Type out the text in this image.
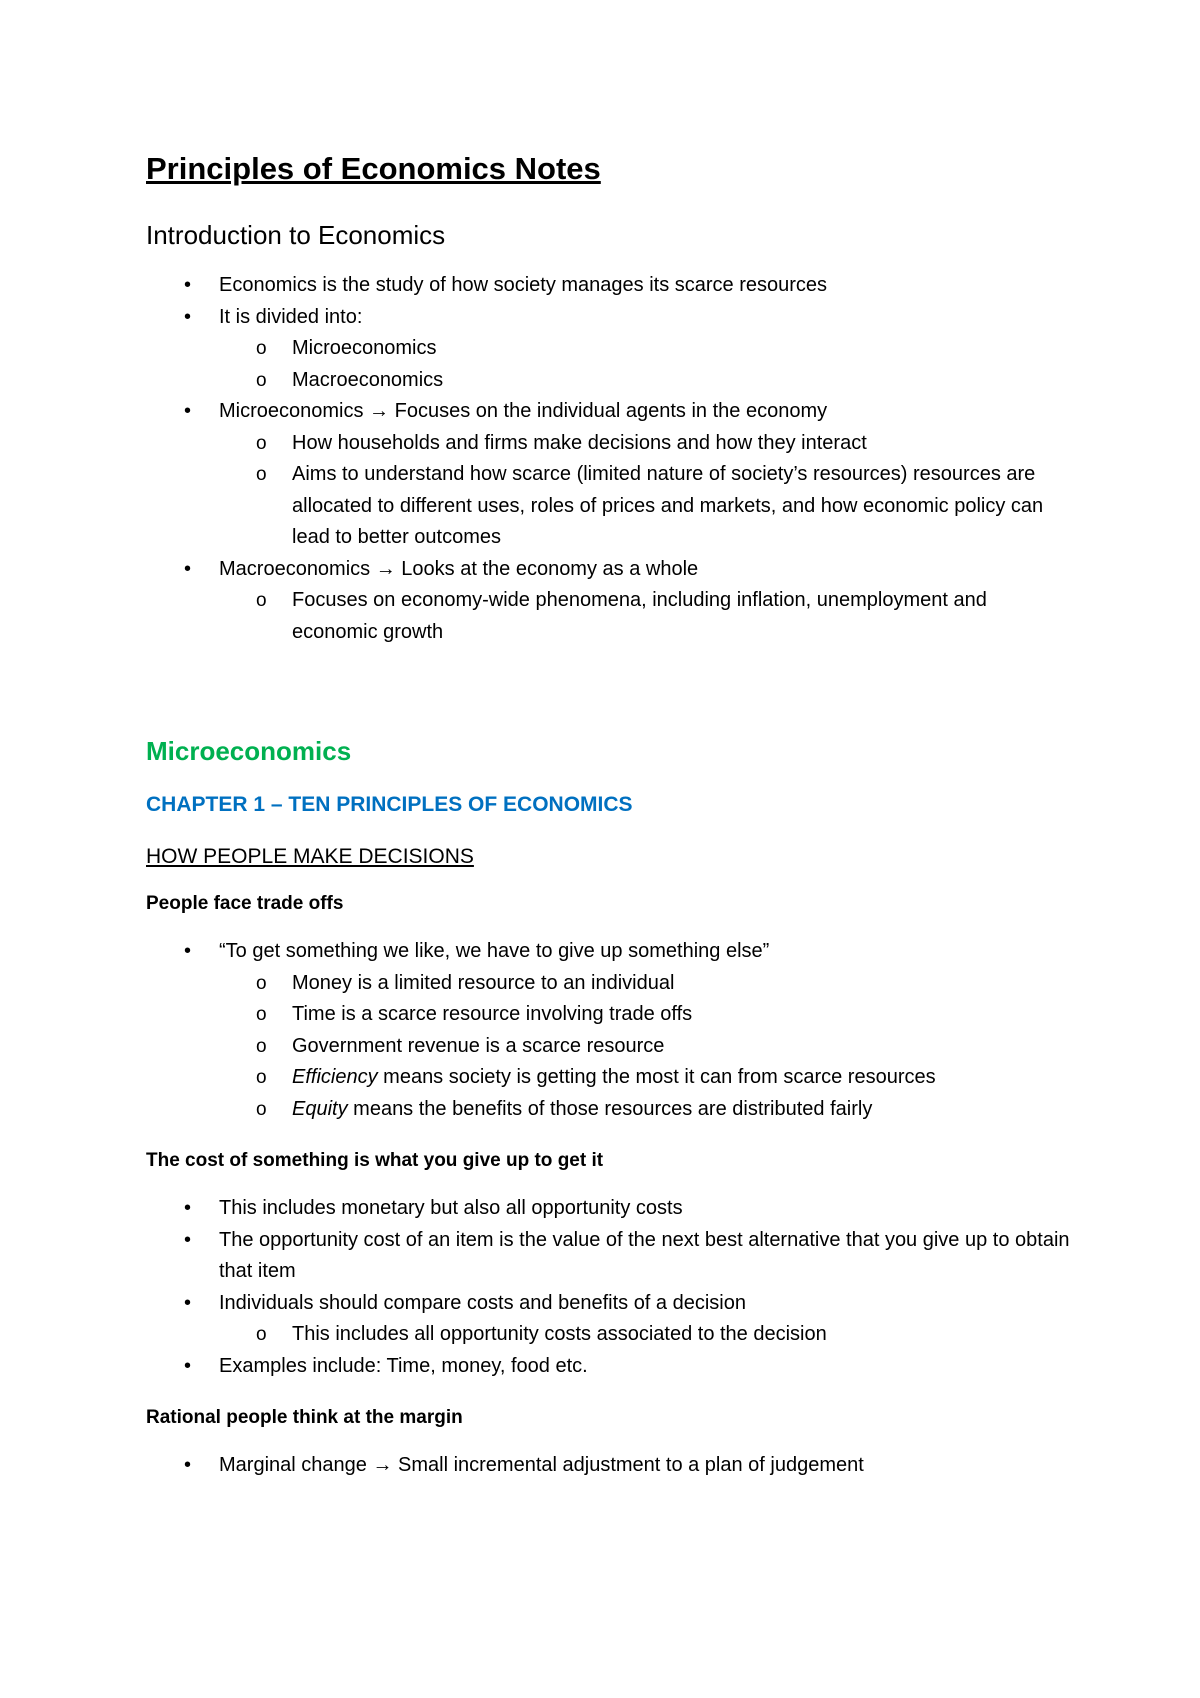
Principles of Economics Notes
Introduction to Economics
• Economics is the study of how society manages its scarce resources
• It is divided into:
o Microeconomics
o Macroeconomics
• Microeconomics → Focuses on the individual agents in the economy
o How households and firms make decisions and how they interact
o Aims to understand how scarce (limited nature of society’s resources) resources are allocated to different uses, roles of prices and markets, and how economic policy can lead to better outcomes
• Macroeconomics → Looks at the economy as a whole
o Focuses on economy-wide phenomena, including inflation, unemployment and economic growth
Microeconomics
CHAPTER 1 – TEN PRINCIPLES OF ECONOMICS
HOW PEOPLE MAKE DECISIONS
People face trade offs
• “To get something we like, we have to give up something else”
o Money is a limited resource to an individual
o Time is a scarce resource involving trade offs
o Government revenue is a scarce resource
o Efficiency means society is getting the most it can from scarce resources
o Equity means the benefits of those resources are distributed fairly
The cost of something is what you give up to get it
• This includes monetary but also all opportunity costs
• The opportunity cost of an item is the value of the next best alternative that you give up to obtain that item
• Individuals should compare costs and benefits of a decision
o This includes all opportunity costs associated to the decision
• Examples include: Time, money, food etc.
Rational people think at the margin
• Marginal change → Small incremental adjustment to a plan of judgement
